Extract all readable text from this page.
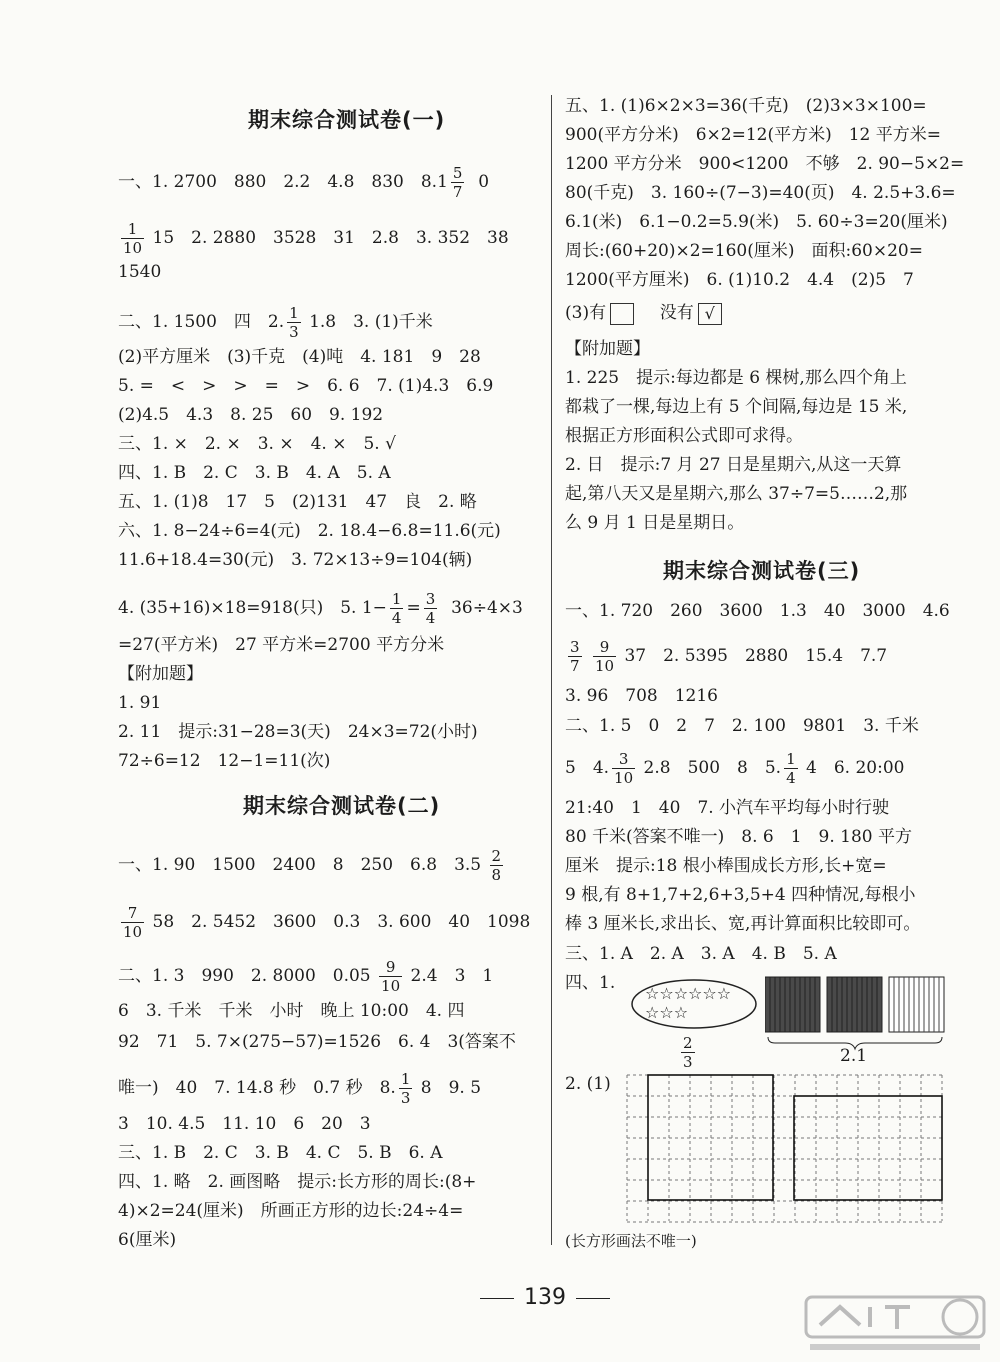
期末综合测试卷(一)
一、1. 2700　880　2.2　4.8　830　$8.1 \frac{5}{7} 0$
$\frac{1}{10} 15$　2. 2880　3528　31　2.8　3. 352　38
1540
二、1. 1500　四　2. $\frac{1}{3} 1.8$　3. (1)千米
(2)平方厘米　(3)千克　(4)吨　4. 181　9　28
5. =　<　>　>　=　>　6. 6　7. (1)4.3　6.9
(2)4.5　4.3　8. 25　60　9. 192
三、1. ×　2. ×　3. ×　4. ×　5. √
四、1. B　2. C　3. B　4. A　5. A
五、1. (1)8　17　5　(2)131　47　良　2. 略
六、1. 8−24÷6=4(元)　2. 18.4−6.8=11.6(元)
11.6+18.4=30(元)　3. 72×13÷9=104(辆)
4. (35+16)×18=918(只)　5. $1- \frac{1}{4} = \frac{3}{4} 36\div 4\times 3$
=27(平方米)　27 平方米=2700 平方分米
【附加题】
1. 91
2. 11　提示:31−28=3(天)　24×3=72(小时)
72÷6=12　12−1=11(次)
期末综合测试卷(二)
一、1. 90　1500　2400　8　250　6.8　$3.5 \frac{2}{8}$
$\frac{7}{10} 58$　2. 5452　3600　0.3　3. 600　40　1098
二、1. 3　990　2. 8000　$0.05 \frac{9}{10} 2.4$　3　1
6　3. 千米　千米　小时　晚上 10:00　4. 四
92　71　5. 7×(275−57)=1526　6. 4　3(答案不
唯一)　40　7. 14.8 秒　0.7 秒　8. $\frac{1}{3} 8$　9. 5
3　10. 4.5　11. 10　6　20　3
三、1. B　2. C　3. B　4. C　5. B　6. A
四、1. 略　2. 画图略　提示:长方形的周长:(8+
4)×2=24(厘米)　所画正方形的边长:24÷4=
6(厘米)
五、1. (1)6×2×3=36(千克)　(2)3×3×100=
900(平方分米)　6×2=12(平方米)　12 平方米=
1200 平方分米　900<1200　不够　2. 90−5×2=
80(千克)　3. 160÷(7−3)=40(页)　4. 2.5+3.6=
6.1(米)　6.1−0.2=5.9(米)　5. 60÷3=20(厘米)
周长:(60+20)×2=160(厘米)　面积:60×20=
1200(平方厘米)　6. (1)10.2　4.4　(2)5　7
(3)有	没有 √
【附加题】
1. 225　提示:每边都是 6 棵树,那么四个角上
都栽了一棵,每边上有 5 个间隔,每边是 15 米,
根据正方形面积公式即可求得。
2. 日　提示:7 月 27 日是星期六,从这一天算
起,第八天又是星期六,那么 37÷7=5……2,那
么 9 月 1 日是星期日。
期末综合测试卷(三)
一、1. 720　260　3600　1.3　40　3000　4.6
$\frac{3}{7}$
$\frac{9}{10} 37$　2. 5395　2880　15.4　7.7
3. 96　708　1216
二、1. 5　0　2　7　2. 100　9801　3. 千米
5　4. $\frac{3}{10} 2.8$　500　8　5. $\frac{1}{4} 4$　6. 20:00
21:40　1　40　7. 小汽车平均每小时行驶
80 千米(答案不唯一)　8. 6　1　9. 180 平方
厘米　提示:18 根小棒围成长方形,长+宽=
9 根,有 8+1,7+2,6+3,5+4 四种情况,每根小
棒 3 厘米长,求出长、宽,再计算面积比较即可。
三、1. A　2. A　3. A　4. B　5. A
四、1.
2. (1)
(长方形画法不唯一)
☆☆☆☆☆☆☆☆☆
$\frac{2}{3}$	2.1
139
